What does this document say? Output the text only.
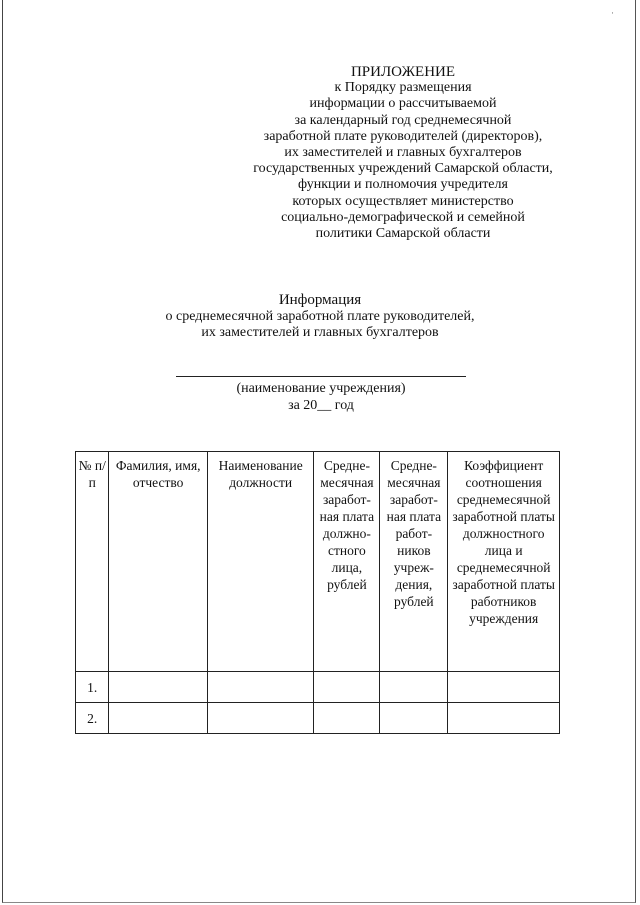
·
ПРИЛОЖЕНИЕ
к Порядку размещения
информации о рассчитываемой
за календарный год среднемесячной
заработной плате руководителей (директоров),
их заместителей и главных бухгалтеров
государственных учреждений Самарской области,
функции и полномочия учредителя
которых осуществляет министерство
социально-демографической и семейной
политики Самарской области
Информация
о среднемесячной заработной плате руководителей,
их заместителей и главных бухгалтеров
(наименование учреждения)
за 20__ год
№ п/п	Фамилия, имя, отчество	Наименование должности	Средне- месячная заработ- ная плата должно- стного лица, рублей	Средне- месячная заработ- ная плата работ- ников учреж- дения, рублей	Коэффициент соотношения среднемесячной заработной платы должностного лица и среднемесячной заработной платы работников учреждения
1.					
2.					
